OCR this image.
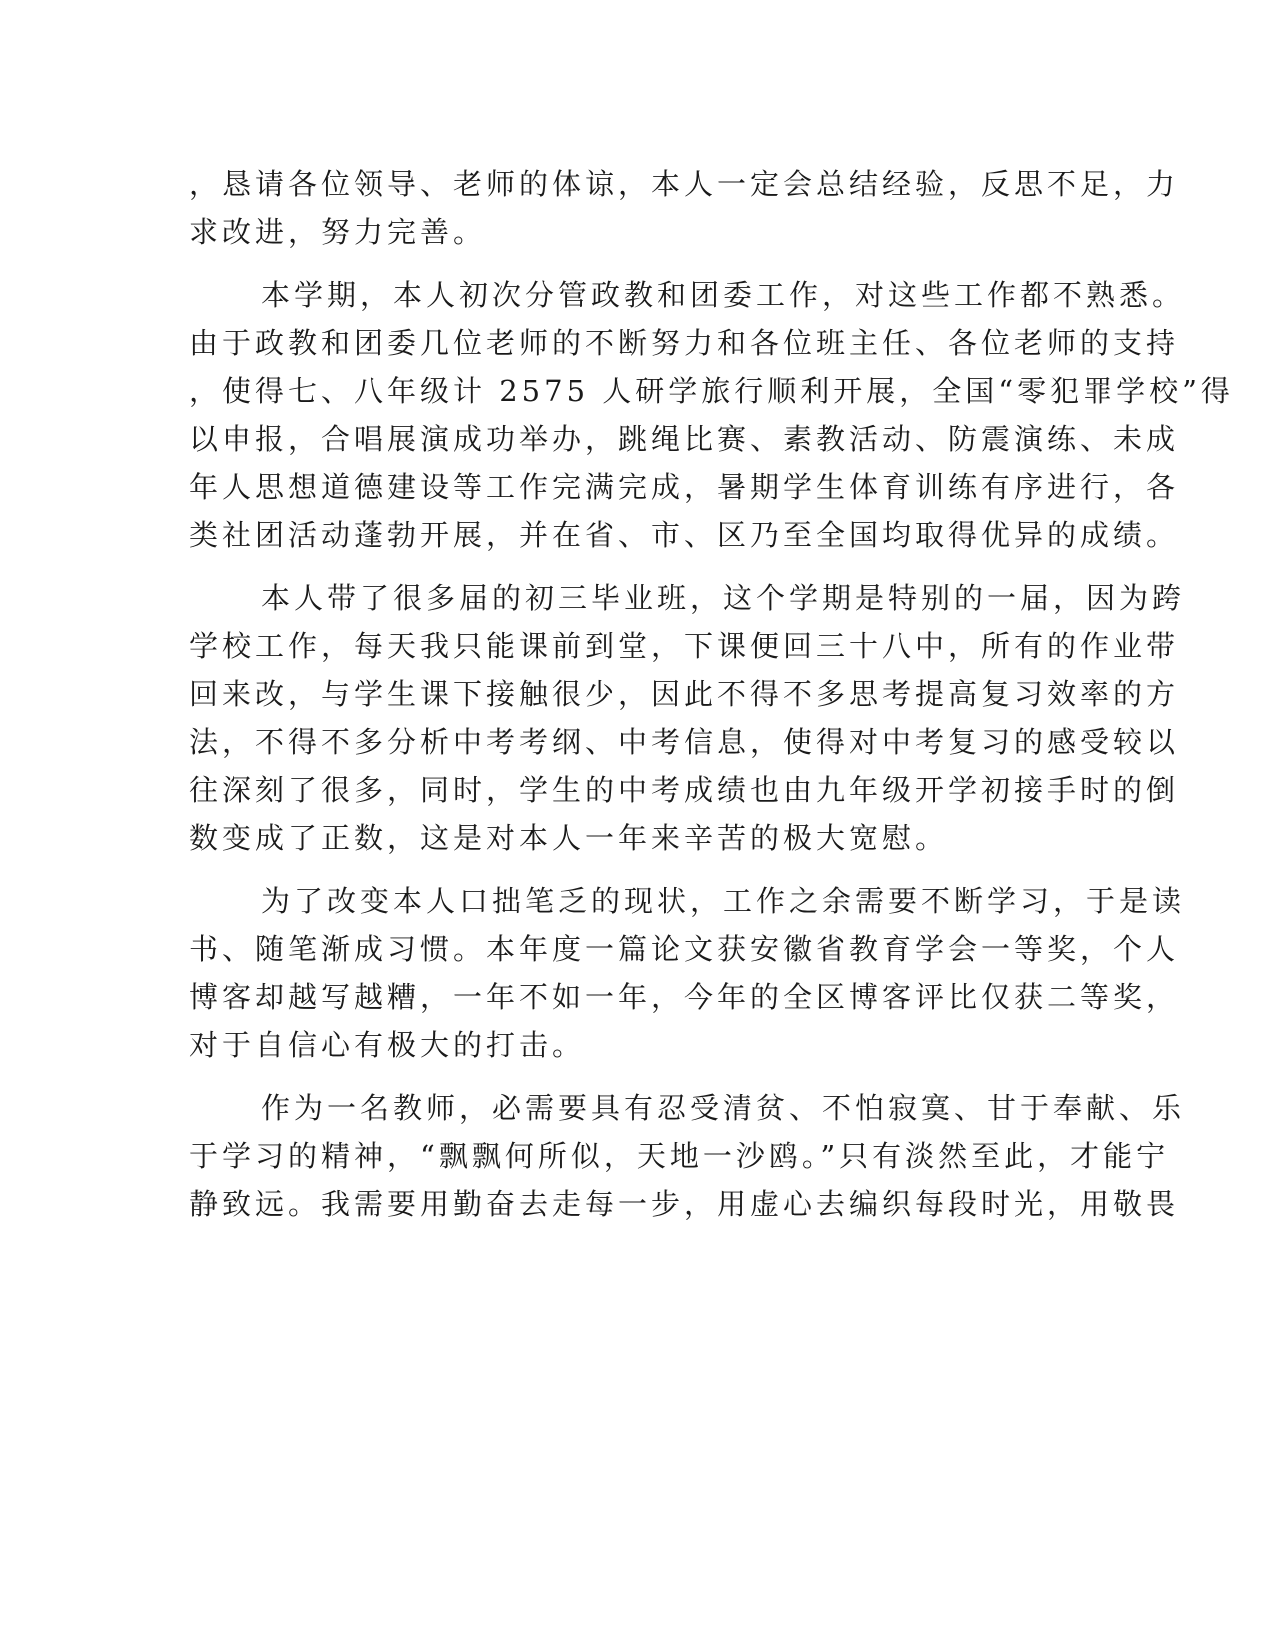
，恳请各位领导、老师的体谅，本人一定会总结经验，反思不足，力
求改进，努力完善。
本学期，本人初次分管政教和团委工作，对这些工作都不熟悉。
由于政教和团委几位老师的不断努力和各位班主任、各位老师的支持
，使得七、八年级计 2575 人研学旅行顺利开展，全国“零犯罪学校”得
以申报，合唱展演成功举办，跳绳比赛、素教活动、防震演练、未成
年人思想道德建设等工作完满完成，暑期学生体育训练有序进行，各
类社团活动蓬勃开展，并在省、市、区乃至全国均取得优异的成绩。
本人带了很多届的初三毕业班，这个学期是特别的一届，因为跨
学校工作，每天我只能课前到堂，下课便回三十八中，所有的作业带
回来改，与学生课下接触很少，因此不得不多思考提高复习效率的方
法，不得不多分析中考考纲、中考信息，使得对中考复习的感受较以
往深刻了很多，同时，学生的中考成绩也由九年级开学初接手时的倒
数变成了正数，这是对本人一年来辛苦的极大宽慰。
为了改变本人口拙笔乏的现状，工作之余需要不断学习，于是读
书、随笔渐成习惯。本年度一篇论文获安徽省教育学会一等奖，个人
博客却越写越糟，一年不如一年，今年的全区博客评比仅获二等奖，
对于自信心有极大的打击。
作为一名教师，必需要具有忍受清贫、不怕寂寞、甘于奉献、乐
于学习的精神，“飘飘何所似，天地一沙鸥。”只有淡然至此，才能宁
静致远。我需要用勤奋去走每一步，用虚心去编织每段时光，用敬畏
